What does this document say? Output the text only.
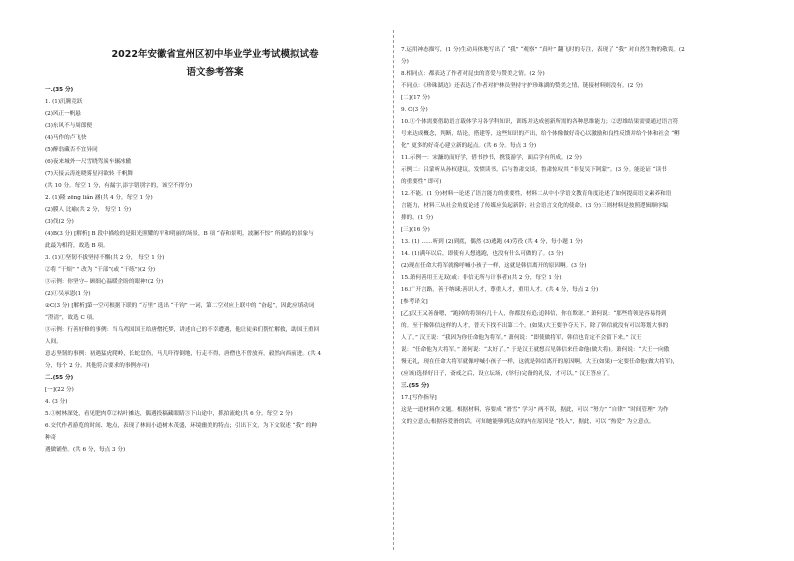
2022年安徽省宣州区初中毕业学业考试模拟试卷
语文参考答案
一.(35 分)
1. (1)沉腾竞跃
(2)风正一帆悬
(3)东风不与周郎便
(4)马作的卢飞快
(5)醉翁藏否不宜异同
(6)夜来城外一尺雪晓驾炭车辗冰辙
(7)天接云涛连晓雾星河欲转 千帆舞
(共 10 分。每空 1 分，有漏字,添字错别字的，该空不得分)
2. (1)隆 zēng liǎn 涵(共 4 分，每空 1 分)
(2)膜人 比喻(共 2 分， 每空 1 分)
(3)伐(2 分)
(4)B(3 分) [解析] B 段中描绘的是阳光照耀的平和明丽的场景，B 项 “春和景明，波澜不惊” 所描绘的景象与
此最为相符，故选 B 项。
3. (1)①坚韧不拔坚持不懈(共 2 分， 每空 1 分)
②将 “干烦” ” 改为 “干部”(或 “干练”)(2 分)
③示例：你坚守-- 顾细心温暖企盼的眼神!(2 分)
(2)①吴承恩(1 分)
②C(3 分) [解析]第一空可根据下联的 “万里” 选出 “千钧” 一词，第二空对应上联中的 “奋起”，因此应填动词
“澄清”，故选 C 项。
③示例：行善好修的事例：当乌鸡国国王给唐僧托梦，讲述自己的不幸遭遇，他让徒弟们帮忙解救，助国王重回
人间。
意志坚韧的事例：初遇猛虎爬岭，长蛇盘伤，马儿吓得倒地，行走不得，唐僧也不曾放弃，毅然向西前进。(共 4
分，每个 2 分。其他符合要求的事例亦可)
二.(55 分)
[一](22 分)
4. (3 分)
5.①树林深处，看见肥肉草②枯叶摊达，偶遇投稿藏眼睛③下山途中，抓拍流蛇(共 6 分。每空 2 分)
6.交代作者游览的时间、地点，表现了林间小道树木茂盛，环境幽美的特点；引出下文，为下文叙述 “我” 的种
种奇
遇做铺垫。(共 6 分，每点 3 分)
7.运用神态描写，(1 分)生动具体地写出了 “我” “观察” “真叶” 翻飞时的专注，表现了 “我” 对自然生物的敬畏。(2
分)
8.相同点：都表达了作者对昆虫的喜爱与赞美之情。(2 分)
不同点：《珍珠湖边》还表达了作者对护林员坚持守护珍珠湖的赞美之情，链接材料则没有。(2 分)
[二](17 分)
9. C(3 分)
10.①个体需要借助语言载体学习各学科知识，训练并达成创新所需的各种思维能力；②思维结果需要通过语言符
号来达成概念，判断，结论，搭建等，这些知识的产出，给个体像做好奇心以激励和良性反馈并给个体和社会 “孵
化” 更多的好奇心建立新的起点。(共 6 分。每点 3 分)
11.示例一：宋濂幼而好学，借书抄书，携笈游学，面后学有所成。(2 分)
示例二：吕蒙听从孙权建议，发愤读书，后与鲁肃交谈，鲁肃惊叹其 “非复吴下阿蒙”。(3 分。能论证 “读书
的重要性” 即可)
12.不能。(1 分)材料一论述了语言能力的重要性，材料二从中小学语文教育角度论述了如何提高语文素养和语
言能力，材料三从社会角度论述了传媒应负起新辞；社会语言文化的使命。(3 分)三则材料是按照逻辑顺序编
排的。(1 分)
[三](16 分)
13. (1) ……听到 (2)到底，偶然 (3)逃跑 (4)劳役 (共 4 分，每小题 1 分)
14. (1)满年以后，即使有人想逃跑，也没有什么可做的了。(3 分)
(2)现在任命大将军就像呼喊小孩子一样，这就是韩信离开的原因啊。(3 分)
15.萧何善用王无双(或：非信无所与计事者)(共 2 分，每空 1 分)
16.广开言路，善于纳谏;善识人才，尊重人才，重用人才。(共 4 分，每点 2 分)
[参考译文]
[乙]汉王又善备嗯，“跑掉的将领有几十人，你都没有追;追韩信，你在欺诓。” 萧何说：“那些将领是容易得到
的。至于像韩信这样的人才，普天下找不出第二个。(如果)大王要争夺天下，除了韩信就没有可以筹划大事的
人了。” 汉王说：“我因为你任命他为将军。” 萧何说：“即使做将军，韩信也肯定不会留下来。” 汉王
说：“任命他为大将军。” 萧何说：“太好了。” 于是汉王就想召见韩信来任命他(做大将)。萧何说：“大王一向傲
慢无礼，现在任命大将军就像呼喊小孩子一样，这就是韩信离开的原因啊。大王(如果)一定要任命他(做大将军)，
(应该)选择好日子，斋戒之后，设立坛场，(举行)完备的礼仪，才可以。” 汉王答应了。
三.(55 分)
17.[写作指导]
这是一道材料作文题。根据材料，容要成 “滑雪” 学习” 两不误，据此，可以 “努力” “自律” “时间管理” 为作
文的立意点;根据容爱滑的话，可知她能够到达众的内在原因是 “投入”，据此，可以 “热爱” 为立意点。
